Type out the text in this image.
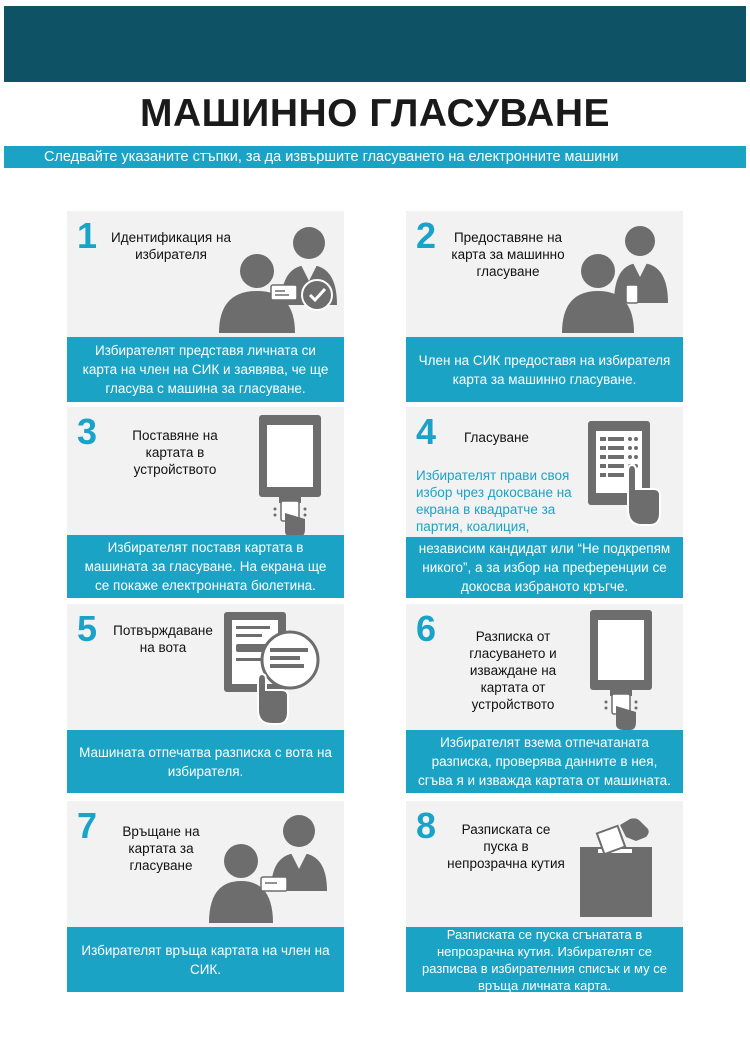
МАШИННО ГЛАСУВАНЕ
Следвайте указаните стъпки, за да извършите гласуването на електронните машини
1 Идентификация на избирателя
Избирателят представя личната си карта на член на СИК и заявява, че ще гласува с машина за гласуване.
2	Предоставяне на карта за машинно гласуване
Член на СИК предоставя на избирателя карта за машинно гласуване.
3	Поставяне на картата в устройството
Избирателят поставя картата в машината за гласуване. На екрана ще се покаже електронната бюлетина.
4 Гласуване
Избирателят прави своя избор чрез докосване на екрана в квадратче за партия, коалиция,
независим кандидат или “Не подкрепям никого”, а за избор на преференции се докосва избраното кръгче.
5	Потвърждаване на вота
Машината отпечатва разписка с вота на избирателя.
6	Разписка от гласуването и изваждане на картата от устройството
Избирателят взема отпечатаната разписка, проверява данните в нея, сгъва я и изважда картата от машината.
7	Връщане на картата за гласуване
Избирателят връща картата на член на СИК.
8	Разписката се пуска в непрозрачна кутия
Разписката се пуска сгънатата в непрозрачна кутия. Избирателят се разписва в избирателния списък и му се връща личната карта.
